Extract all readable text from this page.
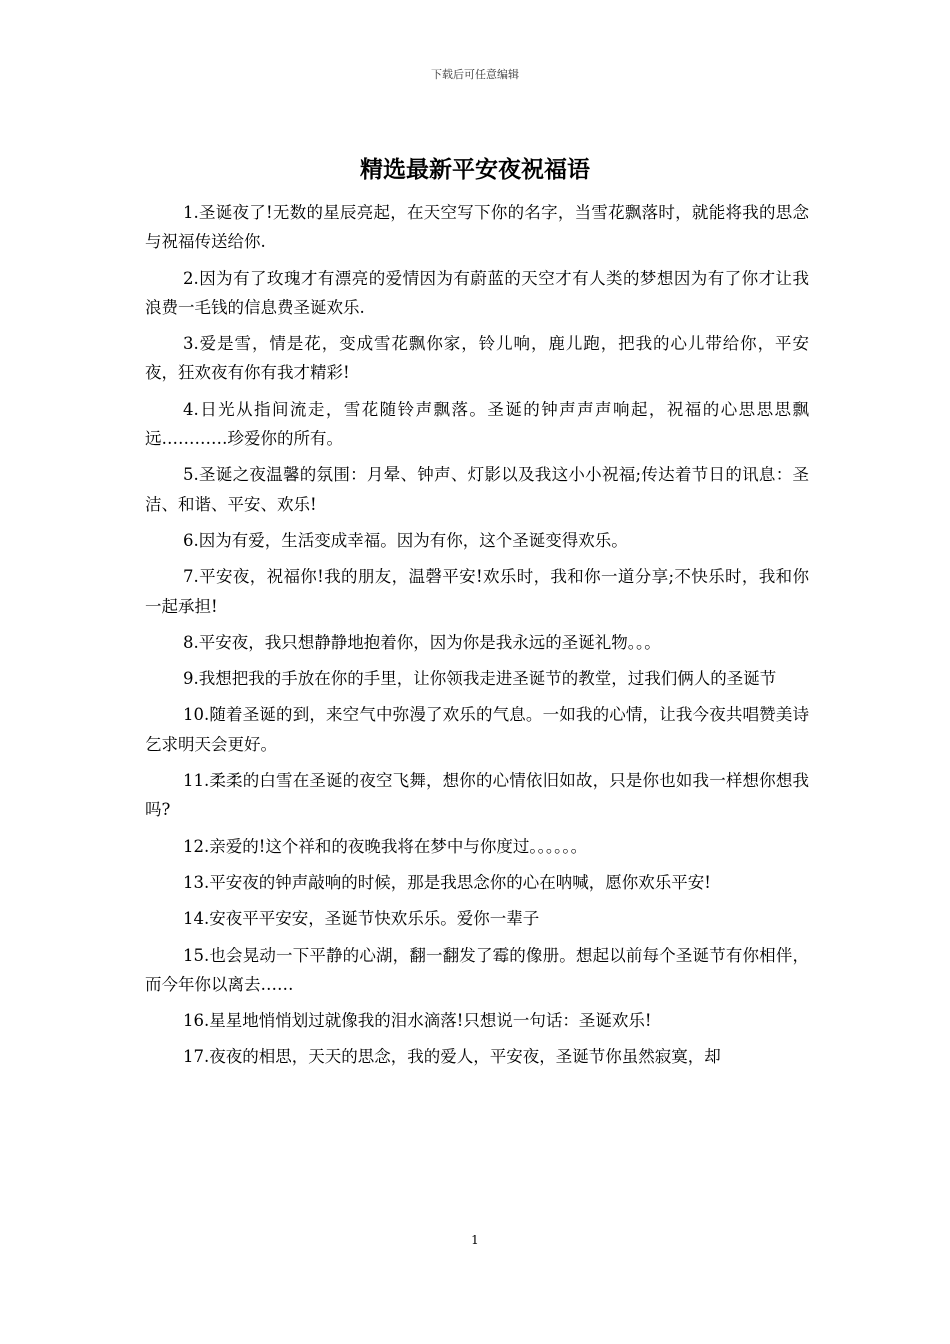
下载后可任意编辑
精选最新平安夜祝福语

1.圣诞夜了!无数的星辰亮起，在天空写下你的名字，当雪花飘落时，就能将我的思念与祝福传送给你.

2.因为有了玫瑰才有漂亮的爱情因为有蔚蓝的天空才有人类的梦想因为有了你才让我浪费一毛钱的信息费圣诞欢乐.

3.爱是雪，情是花，变成雪花飘你家，铃儿响，鹿儿跑，把我的心儿带给你，平安夜，狂欢夜有你有我才精彩!

4.日光从指间流走，雪花随铃声飘落。圣诞的钟声声声响起，祝福的心思思思飘远…………珍爱你的所有。

5.圣诞之夜温馨的氛围：月晕、钟声、灯影以及我这小小祝福;传达着节日的讯息：圣洁、和谐、平安、欢乐!

6.因为有爱，生活变成幸福。因为有你，这个圣诞变得欢乐。

7.平安夜，祝福你!我的朋友，温磬平安!欢乐时，我和你一道分享;不快乐时，我和你一起承担!

8.平安夜，我只想静静地抱着你，因为你是我永远的圣诞礼物。。。

9.我想把我的手放在你的手里，让你领我走进圣诞节的教堂，过我们俩人的圣诞节

10.随着圣诞的到，来空气中弥漫了欢乐的气息。一如我的心情，让我今夜共唱赞美诗乞求明天会更好。

11.柔柔的白雪在圣诞的夜空飞舞，想你的心情依旧如故，只是你也如我一样想你想我吗?

12.亲爱的!这个祥和的夜晚我将在梦中与你度过。。。。。。

13.平安夜的钟声敲响的时候，那是我思念你的心在呐喊，愿你欢乐平安!

14.安夜平平安安，圣诞节快欢乐乐。爱你一辈子

15.也会晃动一下平静的心湖，翻一翻发了霉的像册。想起以前每个圣诞节有你相伴，而今年你以离去……

16.星星地悄悄划过就像我的泪水滴落!只想说一句话：圣诞欢乐!

17.夜夜的相思，天天的思念，我的爱人，平安夜，圣诞节你虽然寂寞，却

1
